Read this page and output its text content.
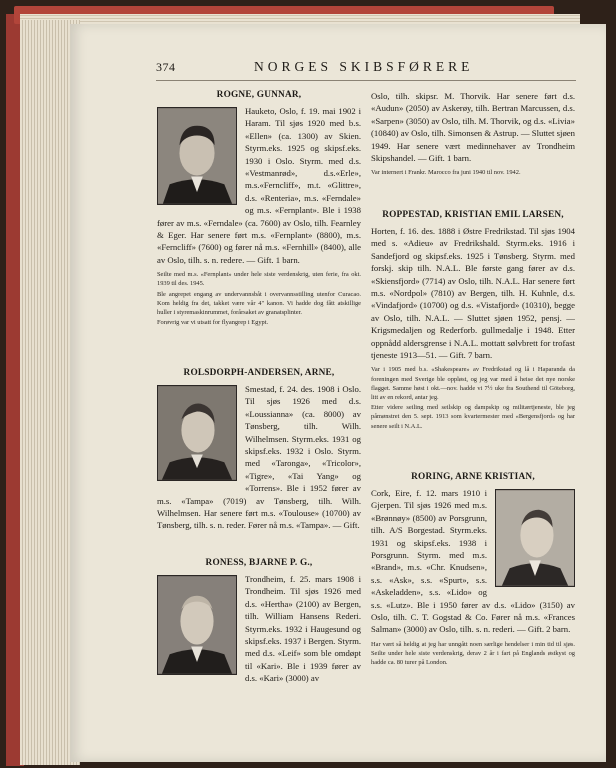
374	NORGES SKIBSFØRERE
ROGNE, GUNNAR,
Hauketo, Oslo, f. 19. mai 1902 i Haram. Til sjøs 1920 med b.s. «Ellen» (ca. 1300) av Skien. Styrm.eks. 1925 og skipsf.eks. 1930 i Oslo. Styrm. med d.s. «Vestmanrød», d.s.«Erle», m.s.«Ferncliff», m.t. «Glittre», d.s. «Renteria», m.s. «Ferndale» og m.s. «Fernplant». Ble i 1938 fører av m.s. «Ferndale» (ca. 7600) av Oslo, tilh. Fearnley & Eger. Har senere ført m.s. «Fernplant» (8800), m.s. «Ferncliff» (7600) og fører nå m.s. «Fernhill» (8400), alle av Oslo, tilh. s. n. rederе. — Gift. 1 barn.
Seilte med m.s. «Fernplant» under hele siste verdenskrig, uten ferie, fra okt. 1939 til des. 1945.
Ble angrepet engang av undervannsbåt i overvannsstilling utenfor Curacao. Kom heldig fra det, takket være vår 4" kanon. Vi hadde dog fått atskillige huller i styremaskinrummet, forårsaket av granatsplinter.
Forøvrig var vi utsatt for flyangrep i Egypt.
ROLSDORPH-ANDERSEN, ARNE,
Smestad, f. 24. des. 1908 i Oslo. Til sjøs 1926 med d.s. «Loussianna» (ca. 8000) av Tønsberg, tilh. Wilh. Wilhelmsen. Styrm.eks. 1931 og skipsf.eks. 1932 i Oslo. Styrm. med «Taronga», «Tricolor», «Tigre», «Tai Yang» og «Torrens». Ble i 1952 fører av m.s. «Tampa» (7019) av Tønsberg, tilh. Wilh. Wilhelmsen. Har senere ført m.s. «Toulouse» (10700) av Tønsberg, tilh. s. n. reder. Fører nå m.s. «Tampa». — Gift.
RONESS, BJARNE P. G.,
Trondheim, f. 25. mars 1908 i Trondheim. Til sjøs 1926 med d.s. «Hertha» (2100) av Bergen, tilh. William Hansens Rederi. Styrm.eks. 1932 i Haugesund og skipsf.eks. 1937 i Bergen. Styrm. med d.s. «Leif» som ble omdøpt til «Kari». Ble i 1939 fører av d.s. «Kari» (3000) av
Oslo, tilh. skipsr. M. Thorvik. Har senere ført d.s. «Audun» (2050) av Askerøy, tilh. Bertran Marcussen, d.s. «Sarpen» (3050) av Oslo, tilh. M. Thorvik, og d.s. «Livia» (10840) av Oslo, tilh. Simonsen & Astrup. — Sluttet sjøen 1949. Har senere vært medinnehaver av Trondheim Skipshandel. — Gift. 1 barn.
Var internert i Frankr. Marocco fra juni 1940 til nov. 1942.
ROPPESTAD, KRISTIAN EMIL LARSEN,
Horten, f. 16. des. 1888 i Østre Fredrikstad. Til sjøs 1904 med s. «Adieu» av Fredrikshald. Styrm.eks. 1916 i Sandefjord og skipsf.eks. 1925 i Tønsberg. Styrm. med forskj. skip tilh. N.A.L. Ble første gang fører av d.s. «Skiensfjord» (7714) av Oslo, tilh. N.A.L. Har senere ført m.s. «Nordpol» (7810) av Bergen, tilh. H. Kuhnle, d.s. «Vindafjord» (10700) og d.s. «Vistafjord» (10310), begge av Oslo, tilh. N.A.L. — Sluttet sjøen 1952, pensj. — Krigsmedaljen og Rederforb. gullmedalje i 1948. Etter oppnådd aldersgrense i N.A.L. mottatt sølvbrett for trofast tjeneste 1913—51. — Gift. 7 barn.
Var i 1905 med b.s. «Shakespeare» av Fredrikstad og lå i Haparanda da foreningen med Sverige ble oppløst, og jeg var med å heise det nye norske flagget. Samme høst i okt.—nov. hadde vi 7½ uke fra Southend til Göteborg, litt av en rekord, antar jeg.
Etter videre seiling med seilskip og dampskip og militærtjeneste, ble jeg påmønstret den 5. sept. 1913 som kvartermester med «Bergensfjord» og har senere seilt i N.A.L.
RORING, ARNE KRISTIAN,
Cork, Eire, f. 12. mars 1910 i Gjerpen. Til sjøs 1926 med m.s. «Brønnøy» (8500) av Porsgrunn, tilh. A/S Borgestad. Styrm.eks. 1931 og skipsf.eks. 1938 i Porsgrunn. Styrm. med m.s. «Brand», m.s. «Chr. Knudsen», s.s. «Ask», s.s. «Spurt», s.s. «Askeladden», s.s. «Lido» og s.s. «Lutz». Ble i 1950 fører av d.s. «Lido» (3150) av Oslo, tilh. C. T. Gogstad & Co. Fører nå m.s. «Frances Salman» (3000) av Oslo, tilh. s. n. rederi. — Gift. 2 barn.
Har vært så heldig at jeg har unngått noen særlige hendelser i min tid til sjøs. Seilte under hele siste verdenskrig, derav 2 år i fart på Englands østkyst og hadde ca. 80 turer på London.
